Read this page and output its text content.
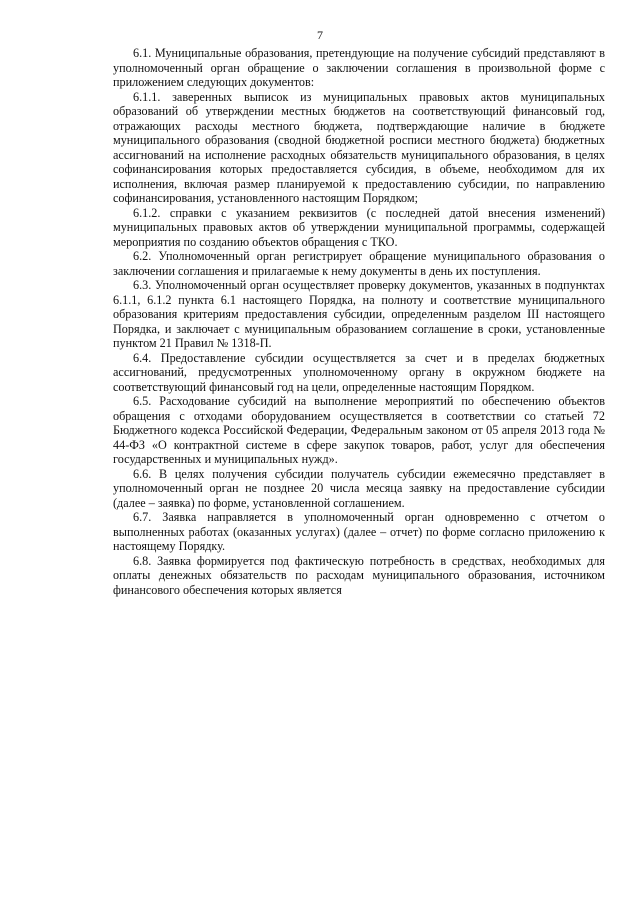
7

6.1. Муниципальные образования, претендующие на получение субсидий представляют в уполномоченный орган обращение о заключении соглашения в произвольной форме с приложением следующих документов:

6.1.1. заверенных выписок из муниципальных правовых актов муниципальных образований об утверждении местных бюджетов на соответствующий финансовый год, отражающих расходы местного бюджета, подтверждающие наличие в бюджете муниципального образования (сводной бюджетной росписи местного бюджета) бюджетных ассигнований на исполнение расходных обязательств муниципального образования, в целях софинансирования которых предоставляется субсидия, в объеме, необходимом для их исполнения, включая размер планируемой к предоставлению субсидии, по направлению софинансирования, установленного настоящим Порядком;

6.1.2. справки с указанием реквизитов (с последней датой внесения изменений) муниципальных правовых актов об утверждении муниципальной программы, содержащей мероприятия по созданию объектов обращения с ТКО.

6.2. Уполномоченный орган регистрирует обращение муниципального образования о заключении соглашения и прилагаемые к нему документы в день их поступления.

6.3. Уполномоченный орган осуществляет проверку документов, указанных в подпунктах 6.1.1, 6.1.2 пункта 6.1 настоящего Порядка, на полноту и соответствие муниципального образования критериям предоставления субсидии, определенным разделом III настоящего Порядка, и заключает с муниципальным образованием соглашение в сроки, установленные пунктом 21 Правил № 1318-П.

6.4. Предоставление субсидии осуществляется за счет и в пределах бюджетных ассигнований, предусмотренных уполномоченному органу в окружном бюджете на соответствующий финансовый год на цели, определенные настоящим Порядком.

6.5. Расходование субсидий на выполнение мероприятий по обеспечению объектов обращения с отходами оборудованием осуществляется в соответствии со статьей 72 Бюджетного кодекса Российской Федерации, Федеральным законом от 05 апреля 2013 года № 44-ФЗ «О контрактной системе в сфере закупок товаров, работ, услуг для обеспечения государственных и муниципальных нужд».

6.6. В целях получения субсидии получатель субсидии ежемесячно представляет в уполномоченный орган не позднее 20 числа месяца заявку на предоставление субсидии (далее – заявка) по форме, установленной соглашением.

6.7. Заявка направляется в уполномоченный орган одновременно с отчетом о выполненных работах (оказанных услугах) (далее – отчет) по форме согласно приложению к настоящему Порядку.

6.8. Заявка формируется под фактическую потребность в средствах, необходимых для оплаты денежных обязательств по расходам муниципального образования, источником финансового обеспечения которых является
